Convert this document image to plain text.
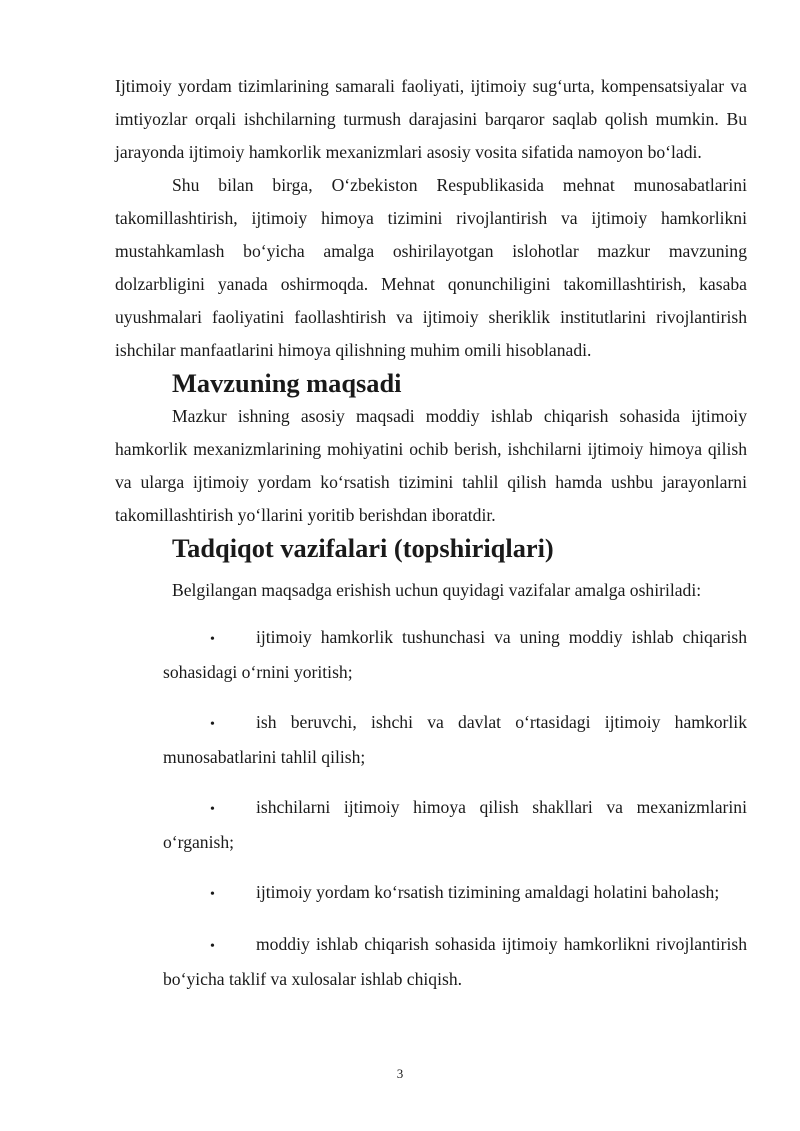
Ijtimoiy yordam tizimlarining samarali faoliyati, ijtimoiy sug‘urta, kompensatsiyalar va imtiyozlar orqali ishchilarning turmush darajasini barqaror saqlab qolish mumkin. Bu jarayonda ijtimoiy hamkorlik mexanizmlari asosiy vosita sifatida namoyon bo‘ladi.

Shu bilan birga, O‘zbekiston Respublikasida mehnat munosabatlarini takomillashtirish, ijtimoiy himoya tizimini rivojlantirish va ijtimoiy hamkorlikni mustahkamlash bo‘yicha amalga oshirilayotgan islohotlar mazkur mavzuning dolzarbligini yanada oshirmoqda. Mehnat qonunchiligini takomillashtirish, kasaba uyushmalari faoliyatini faollashtirish va ijtimoiy sheriklik institutlarini rivojlantirish ishchilar manfaatlarini himoya qilishning muhim omili hisoblanadi.

Mavzuning maqsadi

Mazkur ishning asosiy maqsadi moddiy ishlab chiqarish sohasida ijtimoiy hamkorlik mexanizmlarining mohiyatini ochib berish, ishchilarni ijtimoiy himoya qilish va ularga ijtimoiy yordam ko‘rsatish tizimini tahlil qilish hamda ushbu jarayonlarni takomillashtirish yo‘llarini yoritib berishdan iboratdir.

Tadqiqot vazifalari (topshiriqlari)

Belgilangan maqsadga erishish uchun quyidagi vazifalar amalga oshiriladi:

• ijtimoiy hamkorlik tushunchasi va uning moddiy ishlab chiqarish sohasidagi o‘rnini yoritish;
• ish beruvchi, ishchi va davlat o‘rtasidagi ijtimoiy hamkorlik munosabatlarini tahlil qilish;
• ishchilarni ijtimoiy himoya qilish shakllari va mexanizmlarini o‘rganish;
• ijtimoiy yordam ko‘rsatish tizimining amaldagi holatini baholash;
• moddiy ishlab chiqarish sohasida ijtimoiy hamkorlikni rivojlantirish bo‘yicha taklif va xulosalar ishlab chiqish.
3
